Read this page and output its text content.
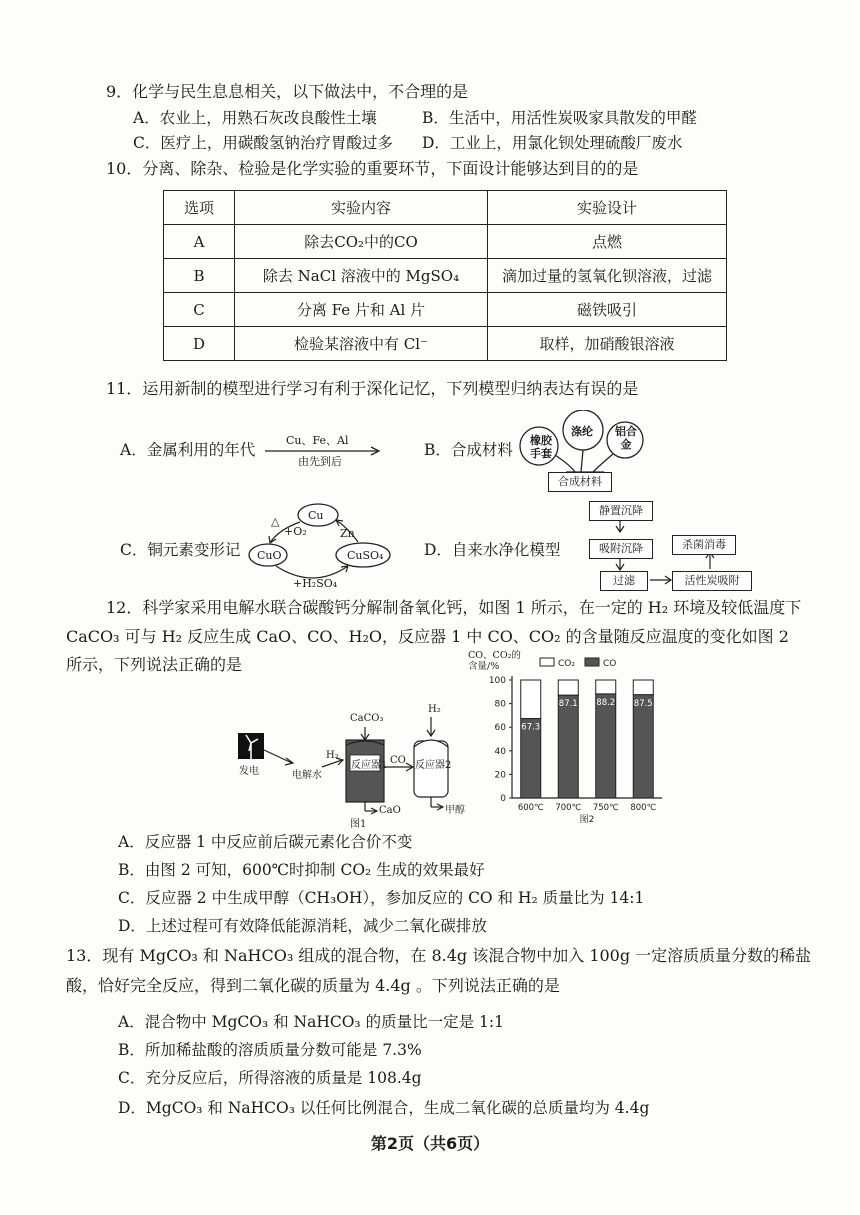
9．化学与民生息息相关，以下做法中，不合理的是
A．农业上，用熟石灰改良酸性土壤	B．生活中，用活性炭吸家具散发的甲醛
C．医疗上，用碳酸氢钠治疗胃酸过多 D．工业上，用氯化钡处理硫酸厂废水
10．分离、除杂、检验是化学实验的重要环节，下面设计能够达到目的的是
选项	实验内容	实验设计
A	除去CO₂中的CO	点燃
B	除去 NaCl 溶液中的 MgSO₄	滴加过量的氢氧化钡溶液，过滤
C	分离 Fe 片和 Al 片	磁铁吸引
D	检验某溶液中有 Cl⁻	取样，加硝酸银溶液
11．运用新制的模型进行学习有利于深化记忆，下列模型归纳表达有误的是
A．金属利用的年代
Cu、Fe、Al
由先到后
B．合成材料
橡胶手套
涤纶 铝合金
合成材料
C．铜元素变形记
Cu
CuO	CuSO₄
△
+O₂	Zn
+H₂SO₄
D．自来水净化模型
静置沉降
吸附沉降
过滤	活性炭吸附
杀菌消毒
12．科学家采用电解水联合碳酸钙分解制备氧化钙，如图 1 所示，在一定的 H₂ 环境及较低温度下
CaCO₃ 可与 H₂ 反应生成 CaO、CO、H₂O，反应器 1 中 CO、CO₂ 的含量随反应温度的变化如图 2
所示，下列说法正确的是
发电	电解水
H₂
CaCO₃
反应器1 CO
H₂
反应器2
CaO	甲醇
图1
CO、CO₂的含量/%
0
20
40
60
80
100
图2
67.3
600℃
87.1
700℃
88.2
750℃
87.5
800℃
CO₂	CO
A．反应器 1 中反应前后碳元素化合价不变
B．由图 2 可知，600℃时抑制 CO₂ 生成的效果最好
C．反应器 2 中生成甲醇（CH₃OH），参加反应的 CO 和 H₂ 质量比为 14:1
D．上述过程可有效降低能源消耗，减少二氧化碳排放
13．现有 MgCO₃ 和 NaHCO₃ 组成的混合物，在 8.4g 该混合物中加入 100g 一定溶质质量分数的稀盐
酸，恰好完全反应，得到二氧化碳的质量为 4.4g 。下列说法正确的是
A．混合物中 MgCO₃ 和 NaHCO₃ 的质量比一定是 1:1
B．所加稀盐酸的溶质质量分数可能是 7.3%
C．充分反应后，所得溶液的质量是 108.4g
D．MgCO₃ 和 NaHCO₃ 以任何比例混合，生成二氧化碳的总质量均为 4.4g
第2页（共6页）
